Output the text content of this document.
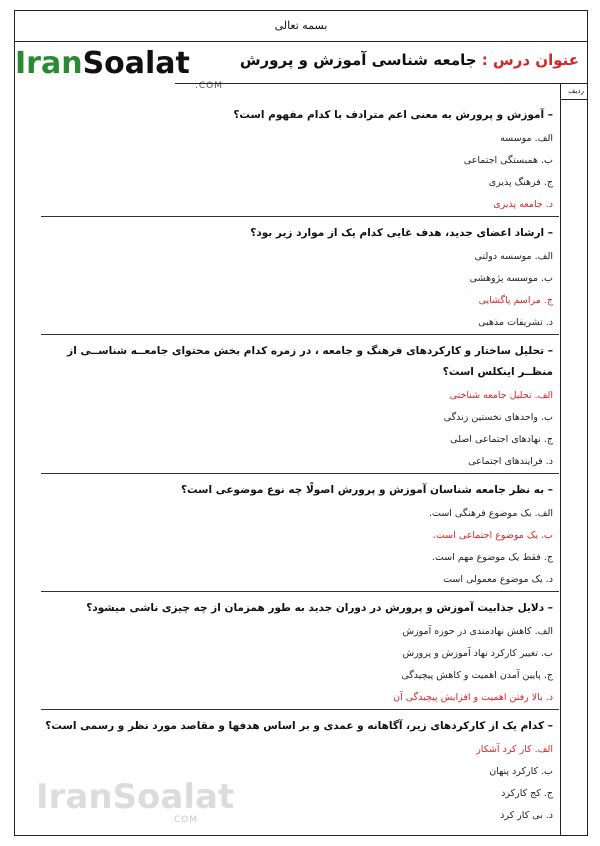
بسمه تعالی
IranSoalat
.COM
عنوان درس : جامعه شناسی آموزش و پرورش
ردیف
– آموزش و پرورش به معنی اعم مترادف با کدام مفهوم است؟
الف. موسسه
ب. همبستگی اجتماعی
ج. فرهنگ پذیری
د. جامعه پذیری
– ارشاد اعضای جدید، هدف غایی کدام یک از موارد زیر بود؟
الف. موسسه دولتی
ب. موسسه پژوهشی
ج. مراسم پاگشایی
د. تشریفات مذهبی
– تحلیل ساختار و کارکردهای فرهنگ و جامعه ، در زمره کدام بخش محتوای جامعــه شناســی از منظــر اینکلس است؟
الف. تحلیل جامعه شناختی
ب. واحدهای نخستین زندگی
ج. نهادهای اجتماعی اصلی
د. فرایندهای اجتماعی
– به نظر جامعه شناسان آموزش و پرورش اصولًا چه نوع موضوعی است؟
الف. یک موضوع فرهنگی است.
ب. یک موضوع اجتماعی است.
ج. فقط یک موضوع مهم است.
د. یک موضوع معمولی است
– دلایل جذابیت آموزش و پرورش در دوران جدید به طور همزمان از چه چیزی ناشی میشود؟
الف. کاهش نهادمندی در حوزه آموزش
ب. تغییر کارکرد نهاد آموزش و پرورش
ج. پایین آمدن اهمیت و کاهش پیچیدگی
د. بالا رفتن اهمیت و افزایش پیچیدگی آن
– کدام یک از کارکردهای زیر، آگاهانه و عمدی و بر اساس هدفها و مقاصد مورد نظر و رسمی است؟
الف. کار کرد آشکار
ب. کارکرد پنهان
ج. کج کارکرد
د. بی کار کرد
IranSoalat
.COM
